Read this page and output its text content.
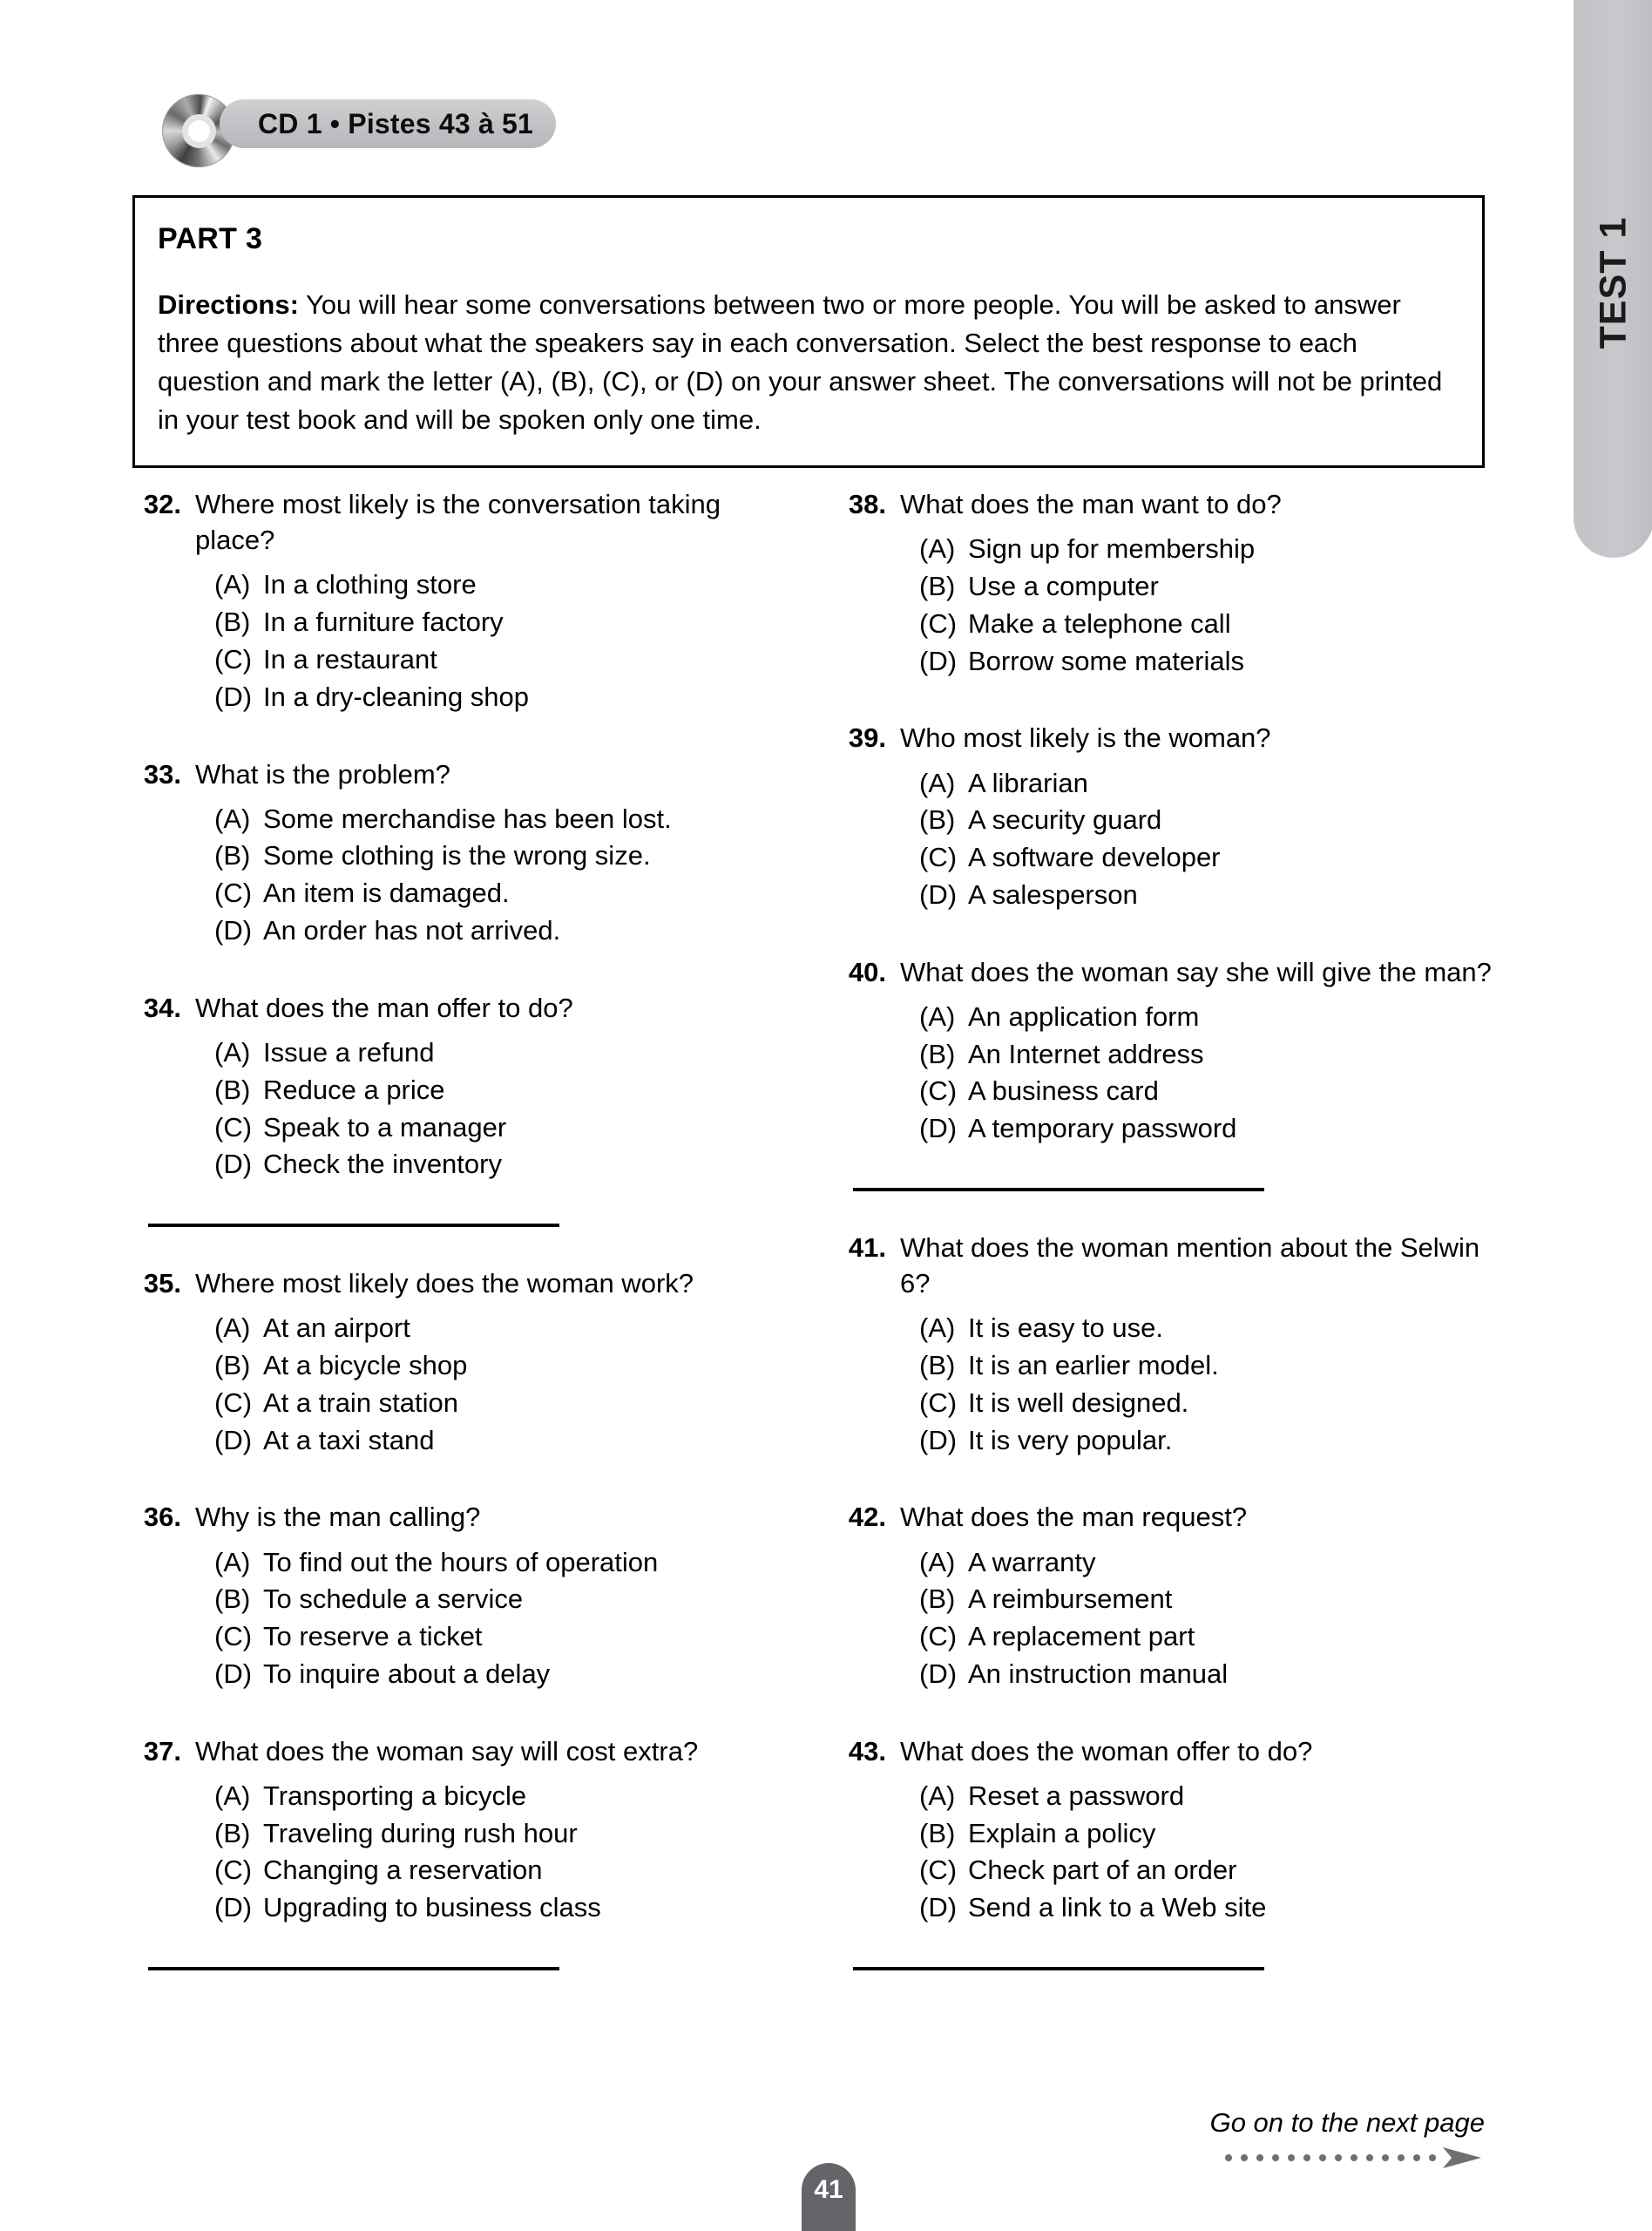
TEST 1
CD 1 • Pistes 43 à 51
PART 3

Directions: You will hear some conversations between two or more people. You will be asked to answer three questions about what the speakers say in each conversation. Select the best response to each question and mark the letter (A), (B), (C), or (D) on your answer sheet. The conversations will not be printed in your test book and will be spoken only one time.

32. Where most likely is the conversation taking place?

(A) In a clothing store
(B) In a furniture factory
(C) In a restaurant
(D) In a dry-cleaning shop
33. What is the problem?

(A) Some merchandise has been lost.
(B) Some clothing is the wrong size.
(C) An item is damaged.
(D) An order has not arrived.
34. What does the man offer to do?

(A) Issue a refund
(B) Reduce a price
(C) Speak to a manager
(D) Check the inventory
35. Where most likely does the woman work?

(A) At an airport
(B) At a bicycle shop
(C) At a train station
(D) At a taxi stand
36. Why is the man calling?

(A) To find out the hours of operation
(B) To schedule a service
(C) To reserve a ticket
(D) To inquire about a delay
37. What does the woman say will cost extra?

(A) Transporting a bicycle
(B) Traveling during rush hour
(C) Changing a reservation
(D) Upgrading to business class
38. What does the man want to do?

(A) Sign up for membership
(B) Use a computer
(C) Make a telephone call
(D) Borrow some materials
39. Who most likely is the woman?

(A) A librarian
(B) A security guard
(C) A software developer
(D) A salesperson
40. What does the woman say she will give the man?

(A) An application form
(B) An Internet address
(C) A business card
(D) A temporary password
41. What does the woman mention about the Selwin 6?

(A) It is easy to use.
(B) It is an earlier model.
(C) It is well designed.
(D) It is very popular.
42. What does the man request?

(A) A warranty
(B) A reimbursement
(C) A replacement part
(D) An instruction manual
43. What does the woman offer to do?

(A) Reset a password
(B) Explain a policy
(C) Check part of an order
(D) Send a link to a Web site
Go on to the next page
41
